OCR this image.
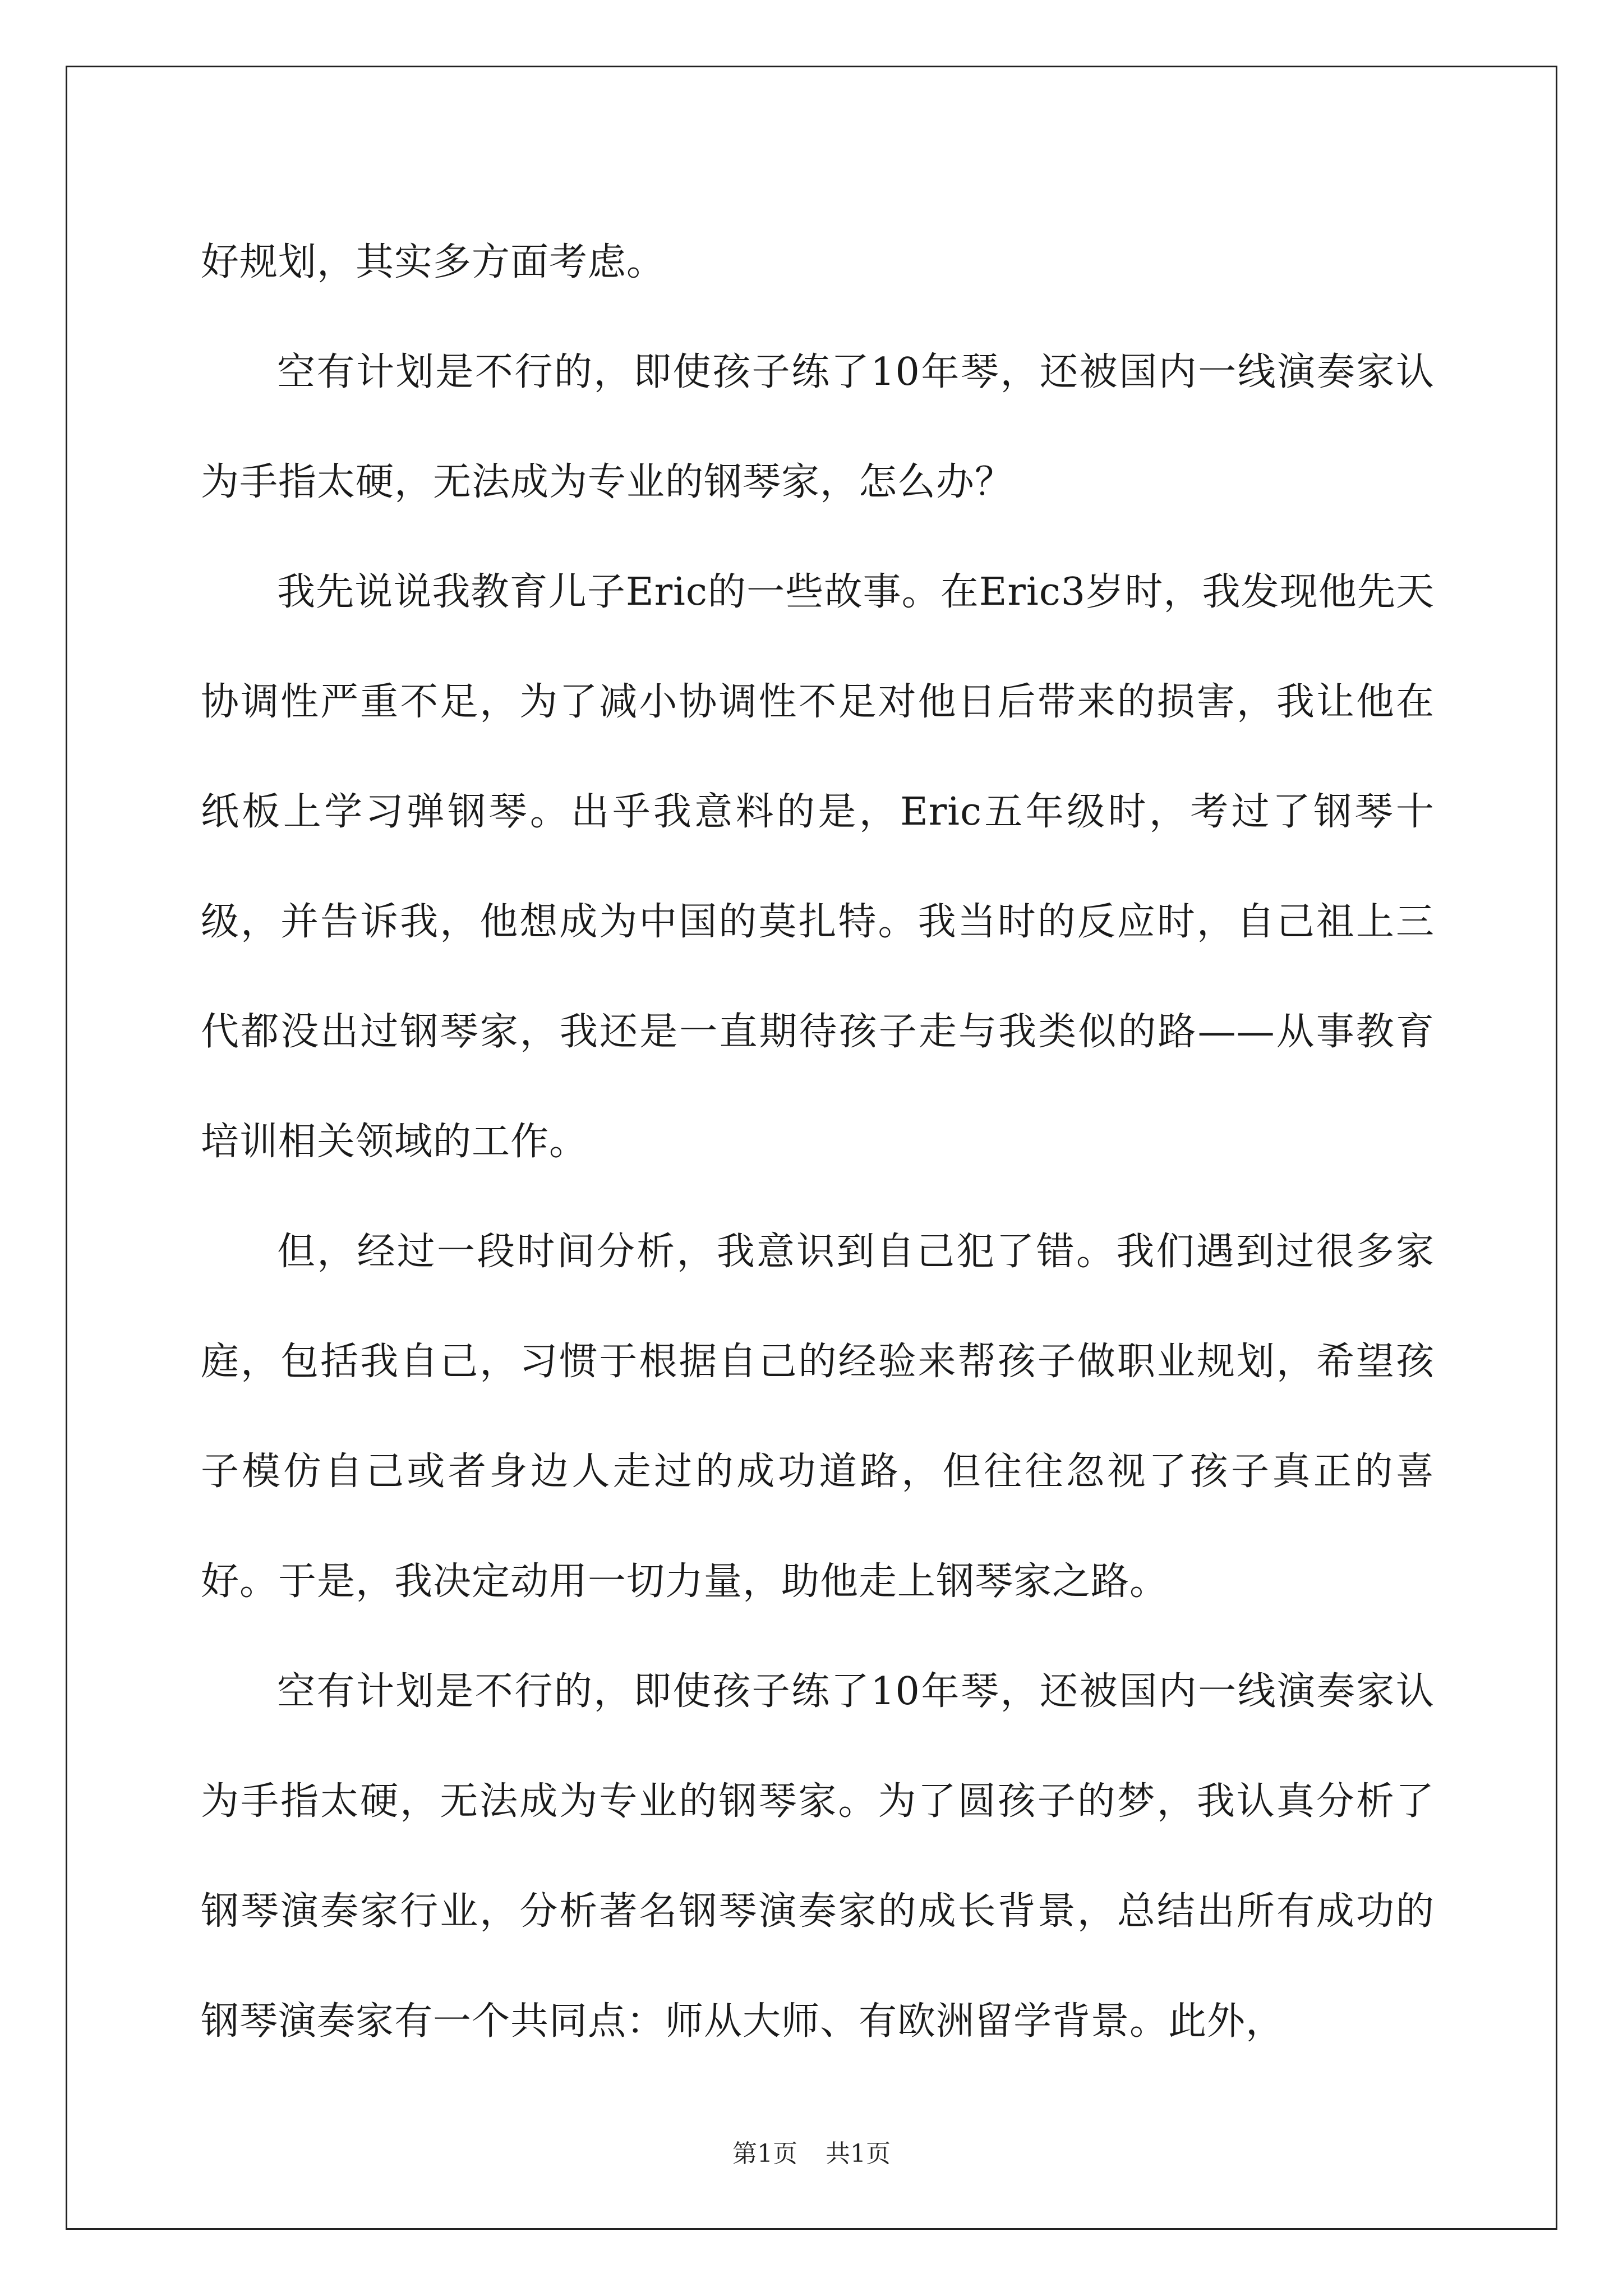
好规划，其实多方面考虑。

空有计划是不行的，即使孩子练了10年琴，还被国内一线演奏家认为手指太硬，无法成为专业的钢琴家，怎么办？

我先说说我教育儿子Eric的一些故事。在Eric3岁时，我发现他先天协调性严重不足，为了减小协调性不足对他日后带来的损害，我让他在纸板上学习弹钢琴。出乎我意料的是，Eric五年级时，考过了钢琴十级，并告诉我，他想成为中国的莫扎特。我当时的反应时，自己祖上三代都没出过钢琴家，我还是一直期待孩子走与我类似的路——从事教育培训相关领域的工作。

但，经过一段时间分析，我意识到自己犯了错。我们遇到过很多家庭，包括我自己，习惯于根据自己的经验来帮孩子做职业规划，希望孩子模仿自己或者身边人走过的成功道路，但往往忽视了孩子真正的喜好。于是，我决定动用一切力量，助他走上钢琴家之路。

空有计划是不行的，即使孩子练了10年琴，还被国内一线演奏家认为手指太硬，无法成为专业的钢琴家。为了圆孩子的梦，我认真分析了钢琴演奏家行业，分析著名钢琴演奏家的成长背景，总结出所有成功的钢琴演奏家有一个共同点：师从大师、有欧洲留学背景。此外，

第1页 共1页
